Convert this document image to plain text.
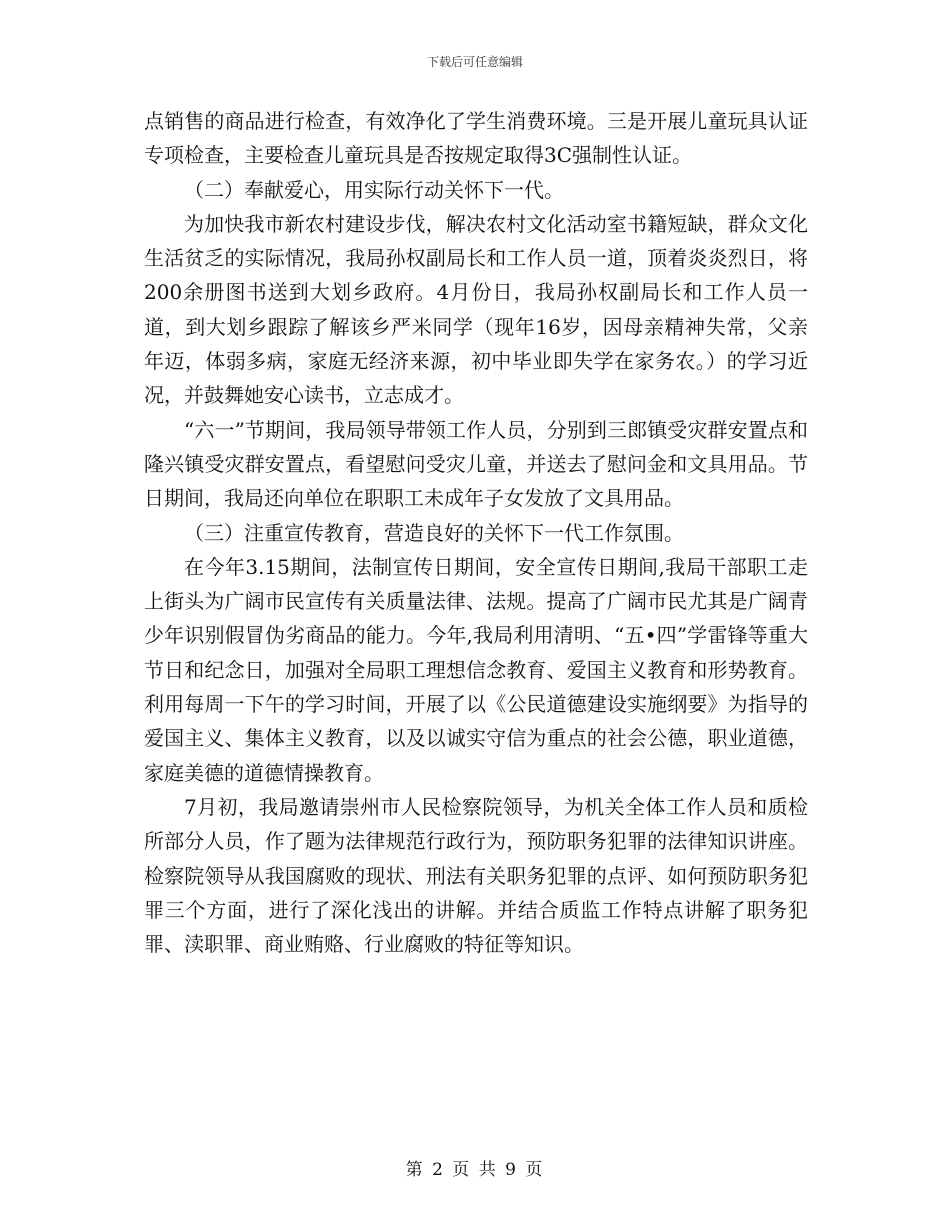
下载后可任意编辑

点销售的商品进行检查，有效净化了学生消费环境。三是开展儿童玩具认证专项检查，主要检查儿童玩具是否按规定取得3C强制性认证。

（二）奉献爱心，用实际行动关怀下一代。

为加快我市新农村建设步伐，解决农村文化活动室书籍短缺，群众文化生活贫乏的实际情况，我局孙权副局长和工作人员一道，顶着炎炎烈日，将200余册图书送到大划乡政府。4月份日，我局孙权副局长和工作人员一道，到大划乡跟踪了解该乡严米同学（现年16岁，因母亲精神失常，父亲年迈，体弱多病，家庭无经济来源，初中毕业即失学在家务农。）的学习近况，并鼓舞她安心读书，立志成才。

“六一”节期间，我局领导带领工作人员，分别到三郎镇受灾群安置点和隆兴镇受灾群安置点，看望慰问受灾儿童，并送去了慰问金和文具用品。节日期间，我局还向单位在职职工未成年子女发放了文具用品。

（三）注重宣传教育，营造良好的关怀下一代工作氛围。

在今年3.15期间，法制宣传日期间，安全宣传日期间,我局干部职工走上街头为广阔市民宣传有关质量法律、法规。提高了广阔市民尤其是广阔青少年识别假冒伪劣商品的能力。今年,我局利用清明、“五•四”学雷锋等重大节日和纪念日，加强对全局职工理想信念教育、爱国主义教育和形势教育。利用每周一下午的学习时间，开展了以《公民道德建设实施纲要》为指导的爱国主义、集体主义教育，以及以诚实守信为重点的社会公德，职业道德，家庭美德的道德情操教育。

7月初，我局邀请崇州市人民检察院领导，为机关全体工作人员和质检所部分人员，作了题为法律规范行政行为，预防职务犯罪的法律知识讲座。检察院领导从我国腐败的现状、刑法有关职务犯罪的点评、如何预防职务犯罪三个方面，进行了深化浅出的讲解。并结合质监工作特点讲解了职务犯罪、渎职罪、商业贿赂、行业腐败的特征等知识。

第 2 页 共 9 页
